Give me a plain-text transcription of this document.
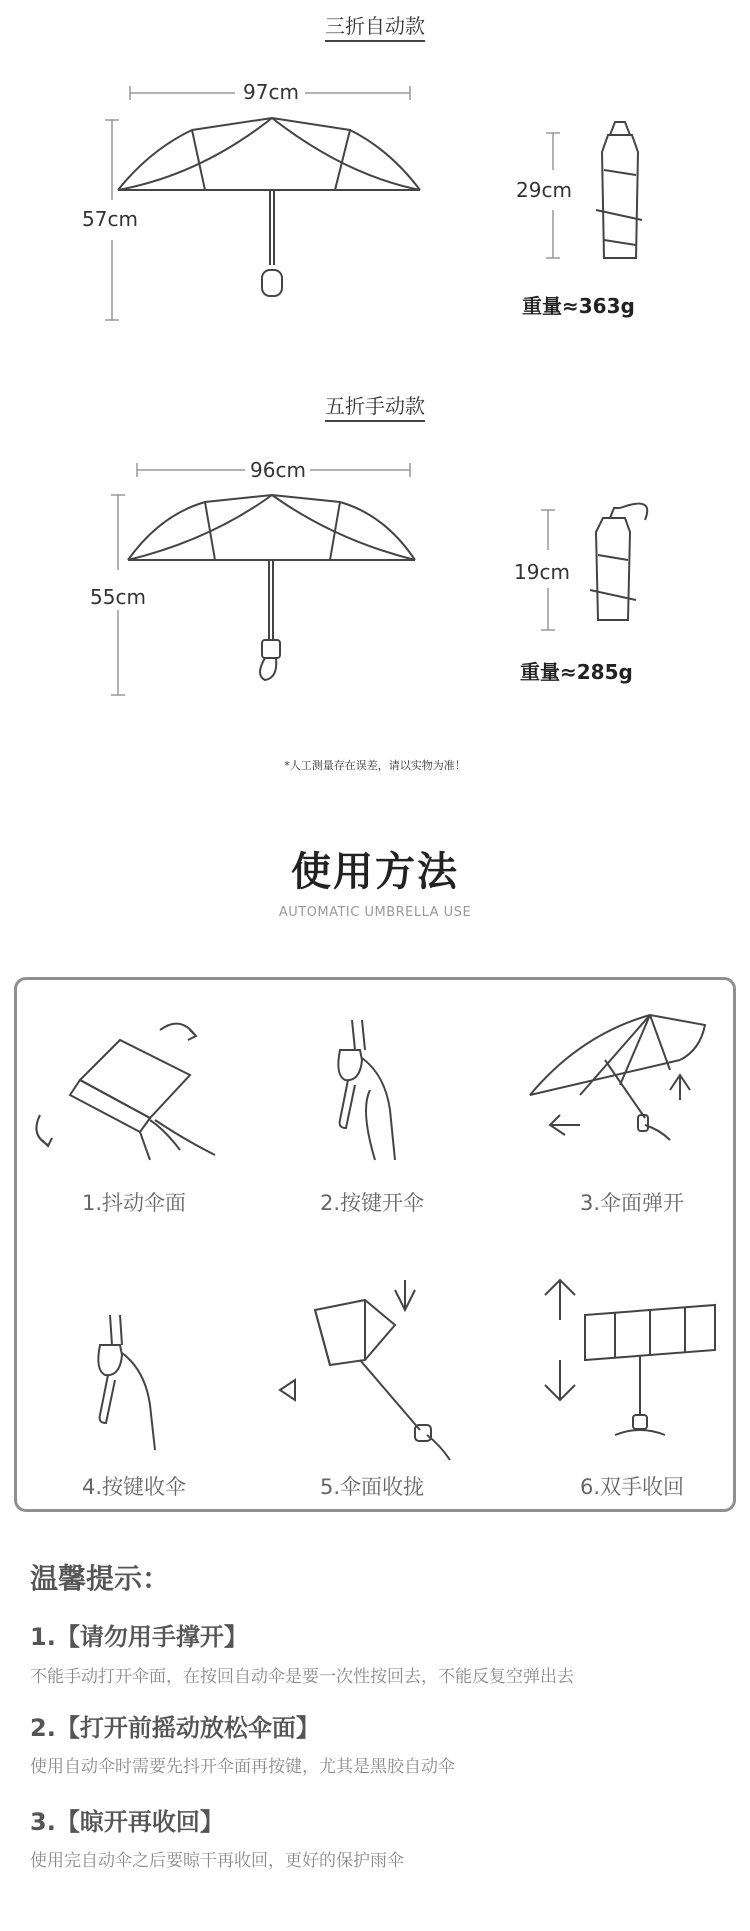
三折自动款
97cm
57cm
29cm
重量≈363g
五折手动款
96cm
55cm
19cm
重量≈285g
*人工测量存在误差，请以实物为准！
使用方法
AUTOMATIC UMBRELLA USE
1.抖动伞面	2.按键开伞	3.伞面弹开
4.按键收伞	5.伞面收拢	6.双手收回
温馨提示：
1.【请勿用手撑开】
不能手动打开伞面，在按回自动伞是要一次性按回去，不能反复空弹出去
2.【打开前摇动放松伞面】
使用自动伞时需要先抖开伞面再按键，尤其是黑胶自动伞
3.【晾开再收回】
使用完自动伞之后要晾干再收回，更好的保护雨伞
